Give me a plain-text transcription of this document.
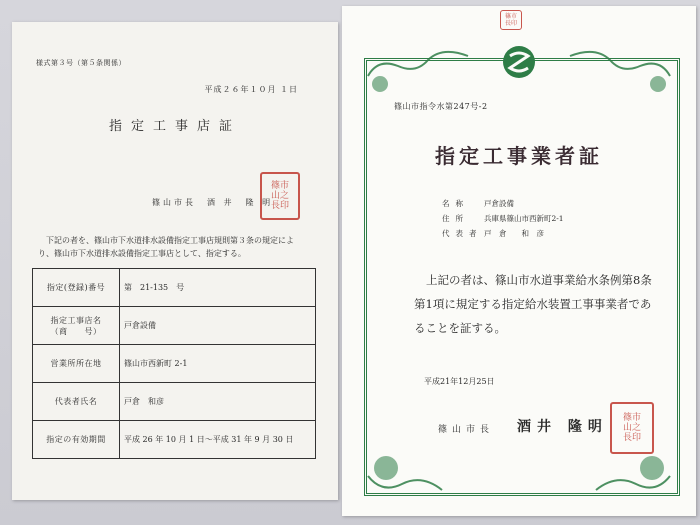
様式第３号（第５条関係）
平成２６年１０月 １日
指定工事店証
篠山市長　酒 井　隆 明
篠市
山之
長印
下記の者を、篠山市下水道排水設備指定工事店規則第３条の規定により、篠山市下水道排水設備指定工事店として、指定する。
指定(登録)番号	第　21-135　号
指定工事店名
（商　　号）	戸倉設備
営業所所在地	篠山市西新町 2-1
代表者氏名	戸倉　和彦
指定の有効期間	平成 26 年 10 月 1 日～平成 31 年 9 月 30 日
篠市
長印
篠山市指令水第247号-2
指定工事業者証
名称	戸倉設備
住所	兵庫県篠山市西新町2-1
代表者 戸　倉　　和　彦
上記の者は、篠山市水道事業給水条例第8条第1項に規定する指定給水装置工事事業者であることを証する。
平成21年12月25日
篠山市長 酒井 隆明
篠市
山之
長印
